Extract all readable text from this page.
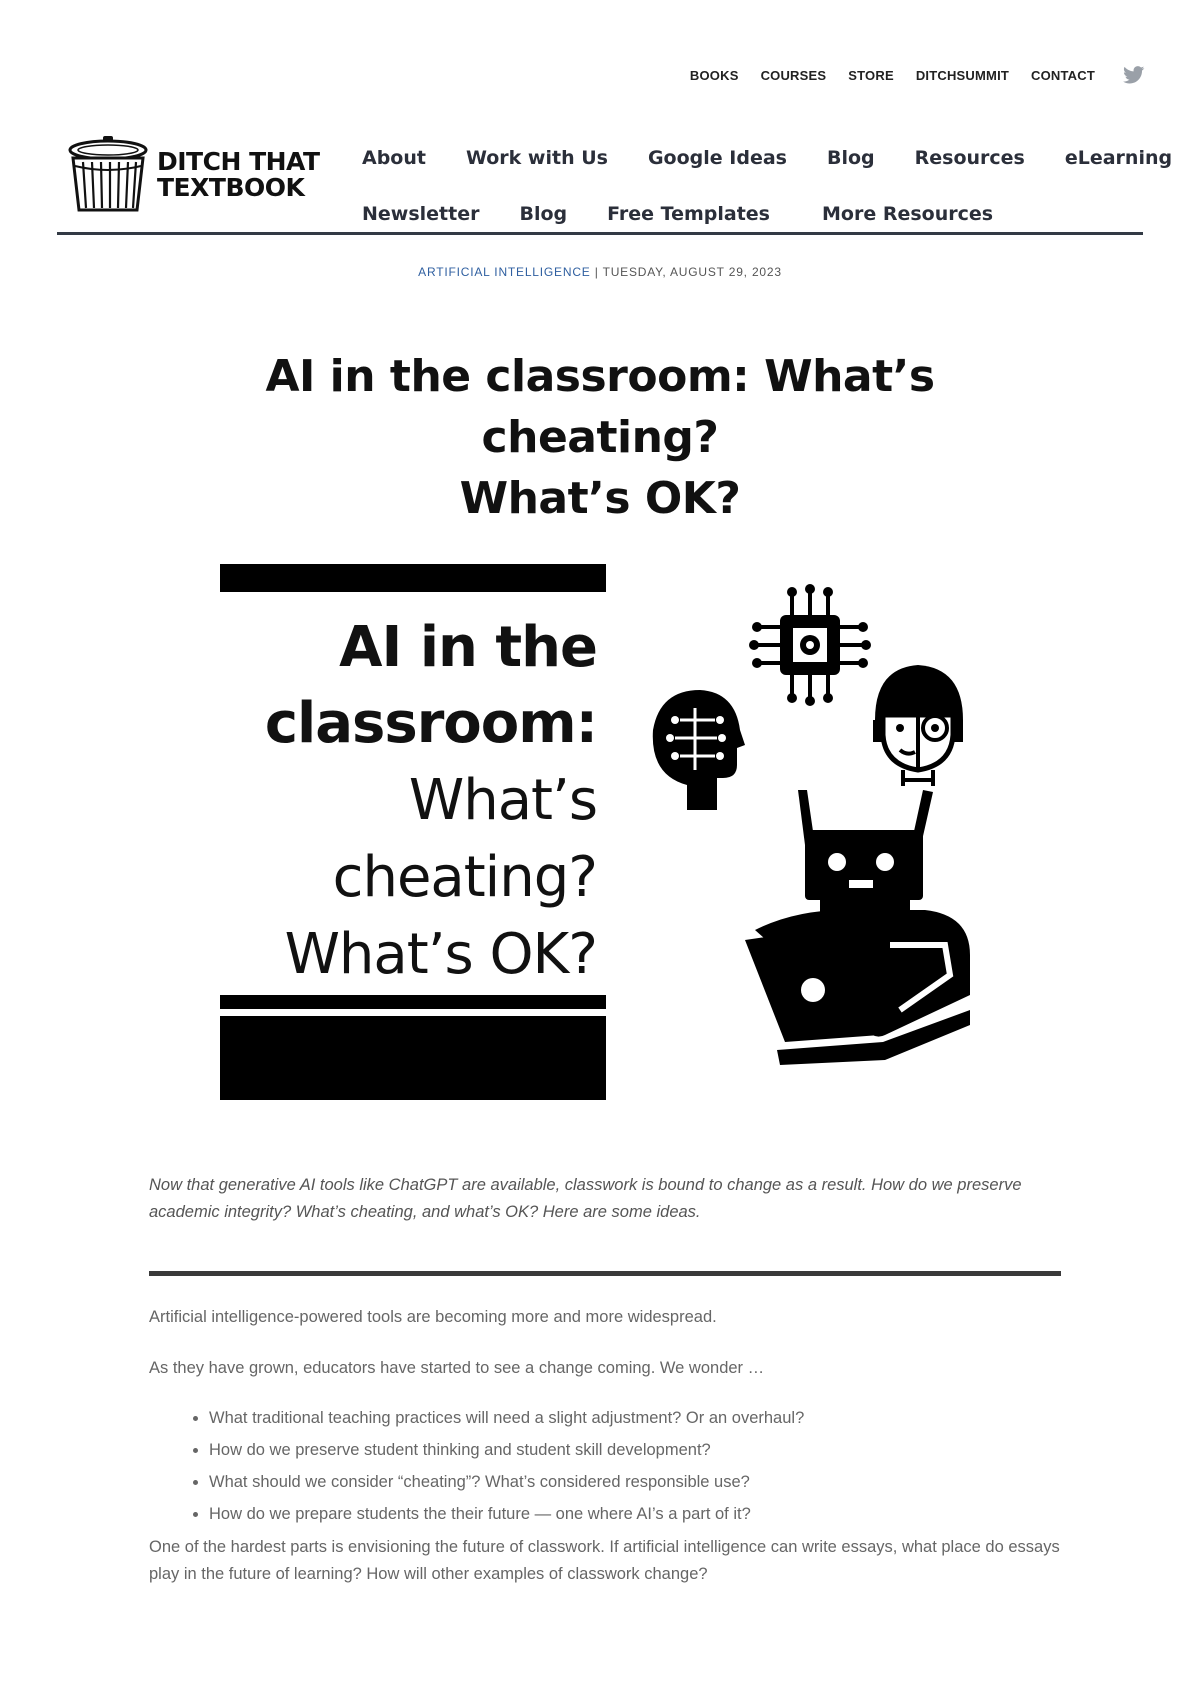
BOOKS COURSES STORE DITCHSUMMIT CONTACT
DITCH THAT
TEXTBOOK
About Work with Us Google Ideas Blog Resources eLearning
Newsletter Blog Free Templates	More Resources
ARTIFICIAL INTELLIGENCE | TUESDAY, AUGUST 29, 2023
AI in the classroom: What’s cheating?
What’s OK?
AI in the
classroom:
What’s
cheating?
What’s OK?

Now that generative AI tools like ChatGPT are available, classwork is bound to change as a result. How do we preserve academic integrity? What’s cheating, and what’s OK? Here are some ideas.

Artificial intelligence-powered tools are becoming more and more widespread.

As they have grown, educators have started to see a change coming. We wonder …

• What traditional teaching practices will need a slight adjustment? Or an overhaul?
• How do we preserve student thinking and student skill development?
• What should we consider “cheating”? What’s considered responsible use?
• How do we prepare students the their future — one where AI’s a part of it?

One of the hardest parts is envisioning the future of classwork. If artificial intelligence can write essays, what place do essays play in the future of learning? How will other examples of classwork change?
